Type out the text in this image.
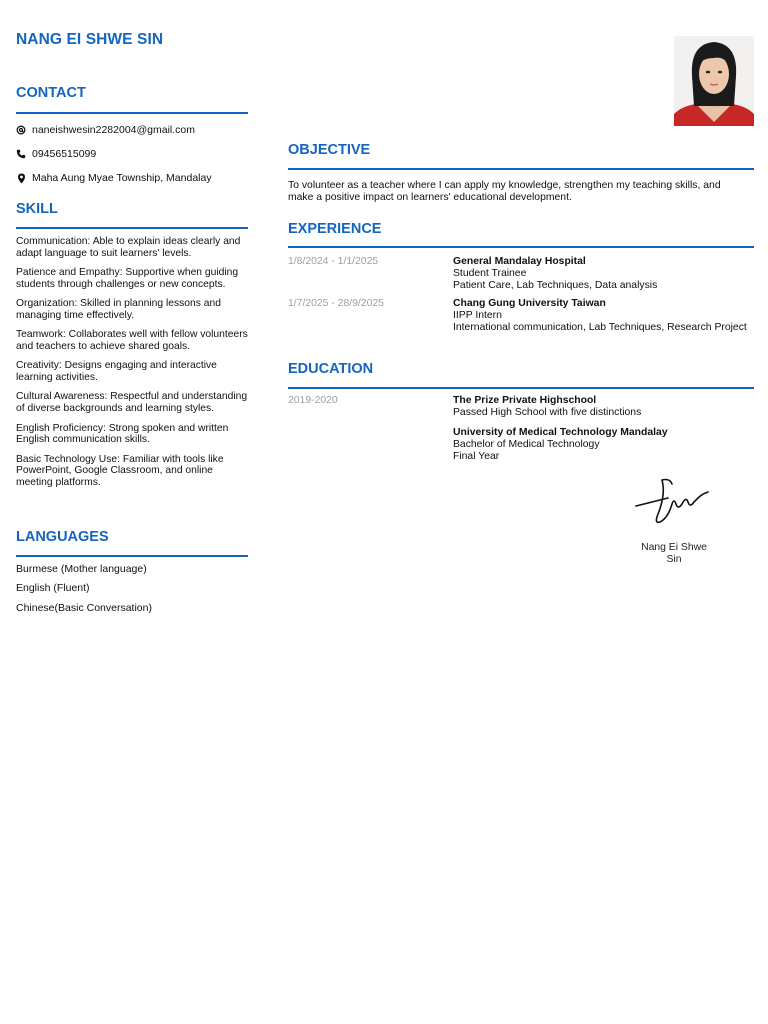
NANG EI SHWE SIN
CONTACT
naneishwesin2282004@gmail.com
09456515099
Maha Aung Myae Township, Mandalay
SKILL
Communication: Able to explain ideas clearly and adapt language to suit learners' levels.
Patience and Empathy: Supportive when guiding students through challenges or new concepts.
Organization: Skilled in planning lessons and managing time effectively.
Teamwork: Collaborates well with fellow volunteers and teachers to achieve shared goals.
Creativity: Designs engaging and interactive learning activities.
Cultural Awareness: Respectful and understanding of diverse backgrounds and learning styles.
English Proficiency: Strong spoken and written English communication skills.
Basic Technology Use: Familiar with tools like PowerPoint, Google Classroom, and online meeting platforms.
LANGUAGES
Burmese (Mother language)
English (Fluent)
Chinese(Basic Conversation)
OBJECTIVE
To volunteer as a teacher where I can apply my knowledge, strengthen my teaching skills, and make a positive impact on learners' educational development.
EXPERIENCE
1/8/2024 - 1/1/2025	General Mandalay Hospital
Student Trainee
Patient Care, Lab Techniques, Data analysis
1/7/2025 - 28/9/2025	Chang Gung University Taiwan
IIPP Intern
International communication, Lab Techniques, Research Project
EDUCATION
2019-2020	The Prize Private Highschool
Passed High School with five distinctions
University of Medical Technology Mandalay
Bachelor of Medical Technology
Final Year
Nang Ei Shwe Sin
